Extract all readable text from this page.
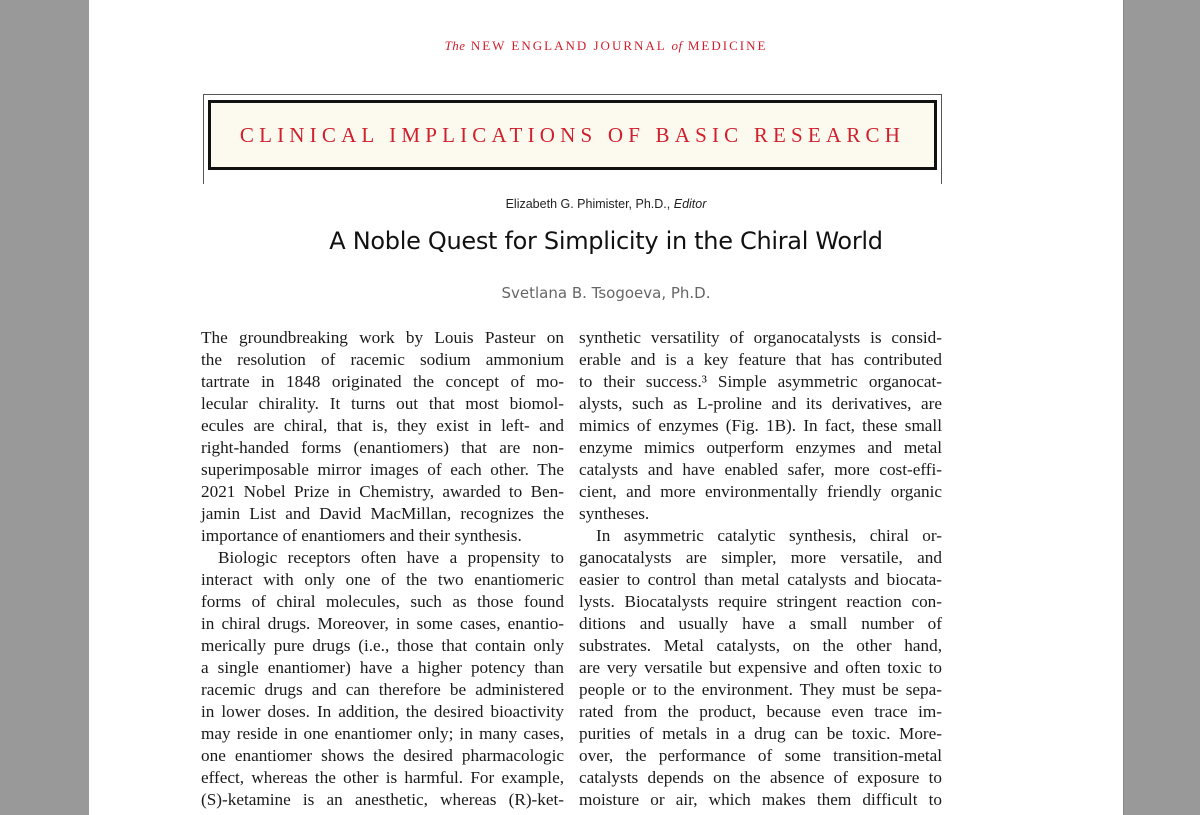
The NEW ENGLAND JOURNAL of MEDICINE
CLINICAL IMPLICATIONS OF BASIC RESEARCH
Elizabeth G. Phimister, Ph.D., Editor
A Noble Quest for Simplicity in the Chiral World
Svetlana B. Tsogoeva, Ph.D.
The groundbreaking work by Louis Pasteur on
the resolution of racemic sodium ammonium
tartrate in 1848 originated the concept of mo-
lecular chirality. It turns out that most biomol-
ecules are chiral, that is, they exist in left- and
right-handed forms (enantiomers) that are non-
superimposable mirror images of each other. The
2021 Nobel Prize in Chemistry, awarded to Ben-
jamin List and David MacMillan, recognizes the
importance of enantiomers and their synthesis.
Biologic receptors often have a propensity to
interact with only one of the two enantiomeric
forms of chiral molecules, such as those found
in chiral drugs. Moreover, in some cases, enantio-
merically pure drugs (i.e., those that contain only
a single enantiomer) have a higher potency than
racemic drugs and can therefore be administered
in lower doses. In addition, the desired bioactivity
may reside in one enantiomer only; in many cases,
one enantiomer shows the desired pharmacologic
effect, whereas the other is harmful. For example,
(S)-ketamine is an anesthetic, whereas (R)-ket-
synthetic versatility of organocatalysts is consid-
erable and is a key feature that has contributed
to their success.³ Simple asymmetric organocat-
alysts, such as L-proline and its derivatives, are
mimics of enzymes (Fig. 1B). In fact, these small
enzyme mimics outperform enzymes and metal
catalysts and have enabled safer, more cost-effi-
cient, and more environmentally friendly organic
syntheses.
In asymmetric catalytic synthesis, chiral or-
ganocatalysts are simpler, more versatile, and
easier to control than metal catalysts and biocata-
lysts. Biocatalysts require stringent reaction con-
ditions and usually have a small number of
substrates. Metal catalysts, on the other hand,
are very versatile but expensive and often toxic to
people or to the environment. They must be sepa-
rated from the product, because even trace im-
purities of metals in a drug can be toxic. More-
over, the performance of some transition-metal
catalysts depends on the absence of exposure to
moisture or air, which makes them difficult to
